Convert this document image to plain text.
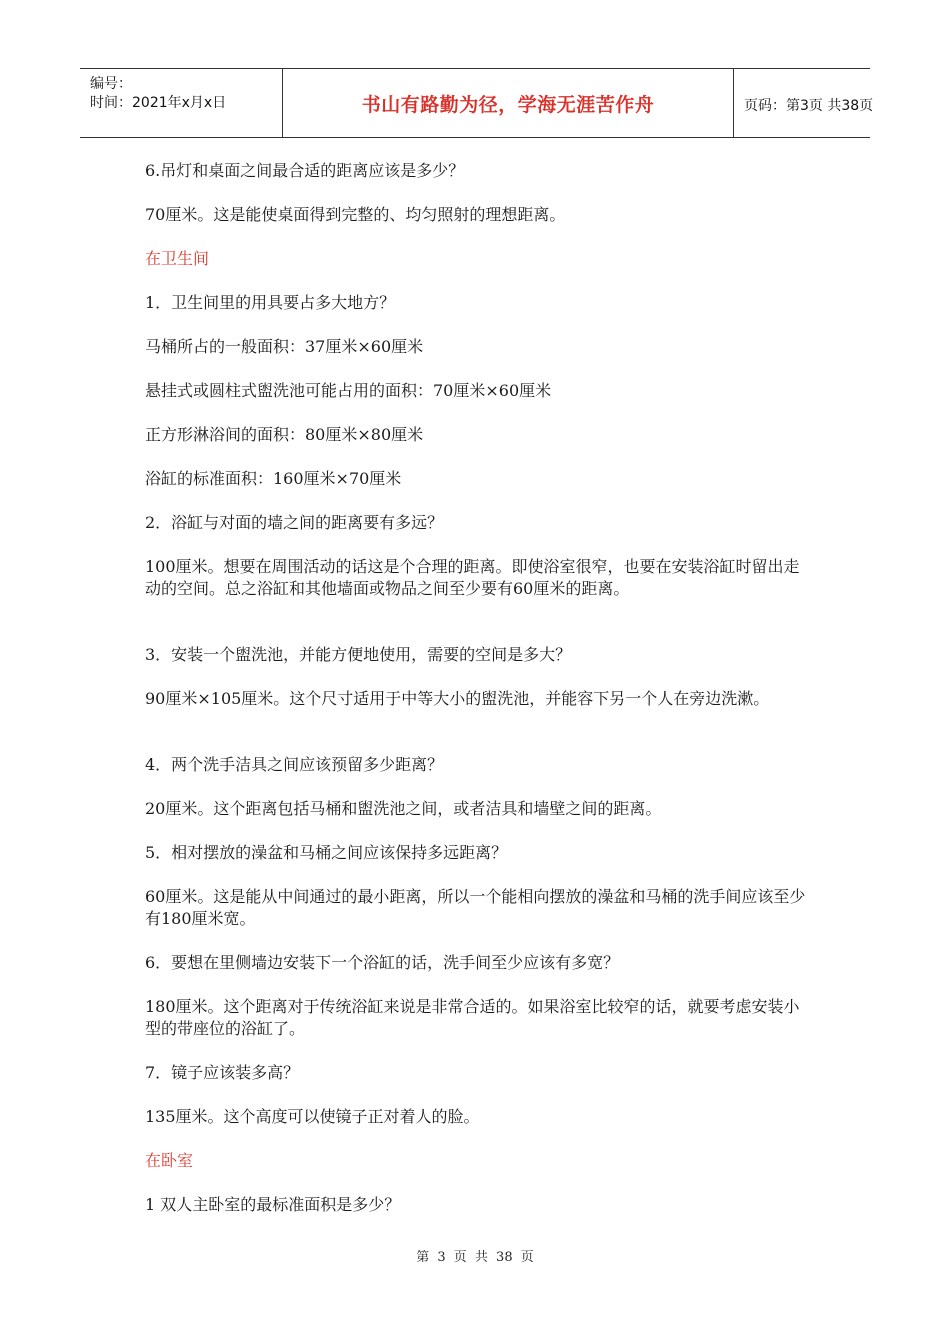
编号：
时间：2021年x月x日	书山有路勤为径，学海无涯苦作舟	页码：第3页 共38页
6.吊灯和桌面之间最合适的距离应该是多少？
70厘米。这是能使桌面得到完整的、均匀照射的理想距离。
在卫生间
1．卫生间里的用具要占多大地方？
马桶所占的一般面积：37厘米×60厘米
悬挂式或圆柱式盥洗池可能占用的面积：70厘米×60厘米
正方形淋浴间的面积：80厘米×80厘米
浴缸的标准面积：160厘米×70厘米
2．浴缸与对面的墙之间的距离要有多远？
100厘米。想要在周围活动的话这是个合理的距离。即使浴室很窄，也要在安装浴缸时留出走动的空间。总之浴缸和其他墙面或物品之间至少要有60厘米的距离。
3．安装一个盥洗池，并能方便地使用，需要的空间是多大？
90厘米×105厘米。这个尺寸适用于中等大小的盥洗池，并能容下另一个人在旁边洗漱。
4．两个洗手洁具之间应该预留多少距离？
20厘米。这个距离包括马桶和盥洗池之间，或者洁具和墙壁之间的距离。
5．相对摆放的澡盆和马桶之间应该保持多远距离？
60厘米。这是能从中间通过的最小距离，所以一个能相向摆放的澡盆和马桶的洗手间应该至少有180厘米宽。
6．要想在里侧墙边安装下一个浴缸的话，洗手间至少应该有多宽？
180厘米。这个距离对于传统浴缸来说是非常合适的。如果浴室比较窄的话，就要考虑安装小型的带座位的浴缸了。
7．镜子应该装多高？
135厘米。这个高度可以使镜子正对着人的脸。
在卧室
1 双人主卧室的最标准面积是多少？
第 3 页 共 38 页
